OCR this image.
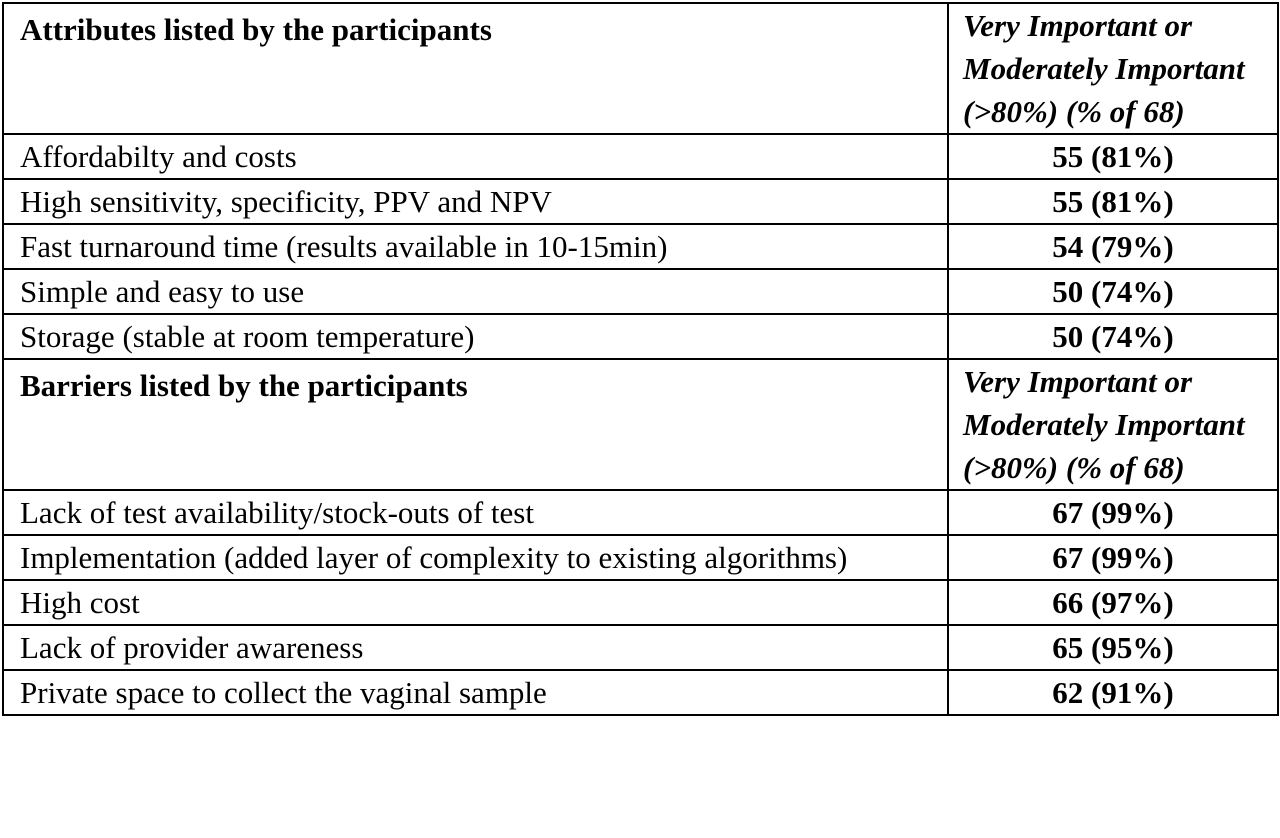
Attributes listed by the participants	Very Important or Moderately Important (>80%) (% of 68)
Affordabilty and costs	55 (81%)
High sensitivity, specificity, PPV and NPV	55 (81%)
Fast turnaround time (results available in 10-15min)	54 (79%)
Simple and easy to use	50 (74%)
Storage (stable at room temperature)	50 (74%)
Barriers listed by the participants	Very Important or Moderately Important (>80%) (% of 68)
Lack of test availability/stock-outs of test	67 (99%)
Implementation (added layer of complexity to existing algorithms)	67 (99%)
High cost	66 (97%)
Lack of provider awareness	65 (95%)
Private space to collect the vaginal sample	62 (91%)
